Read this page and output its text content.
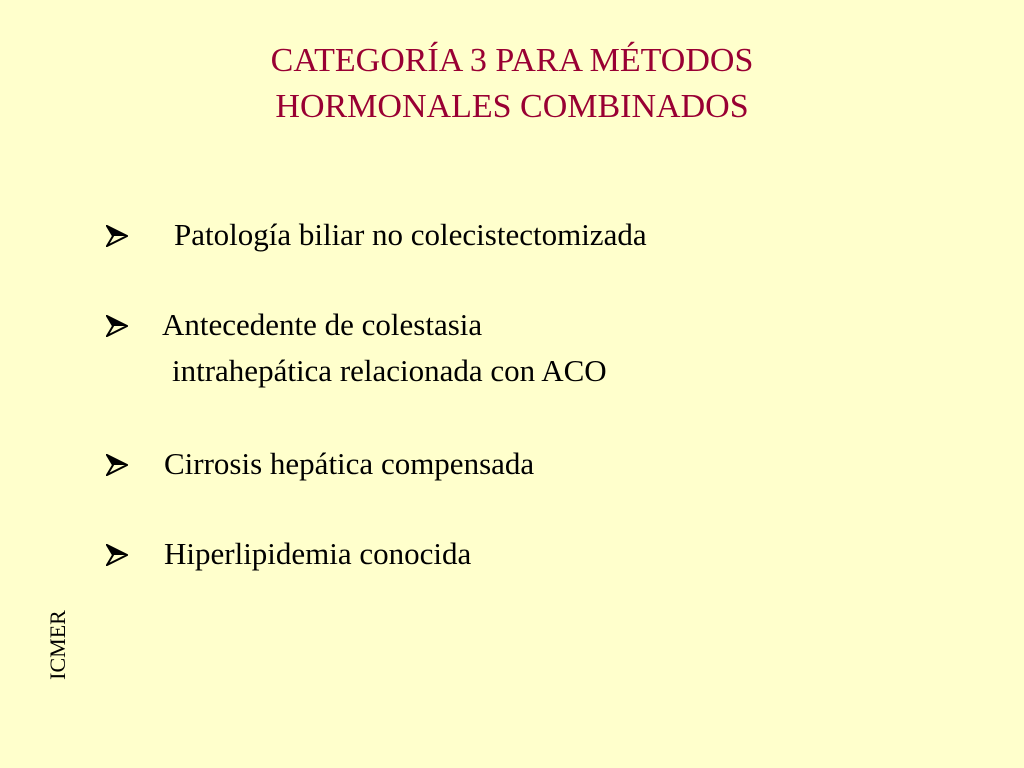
CATEGORÍA 3 PARA MÉTODOS
HORMONALES COMBINADOS
Patología biliar no colecistectomizada
Antecedente de colestasia
intrahepática relacionada con ACO
Cirrosis hepática compensada
Hiperlipidemia conocida
ICMER
